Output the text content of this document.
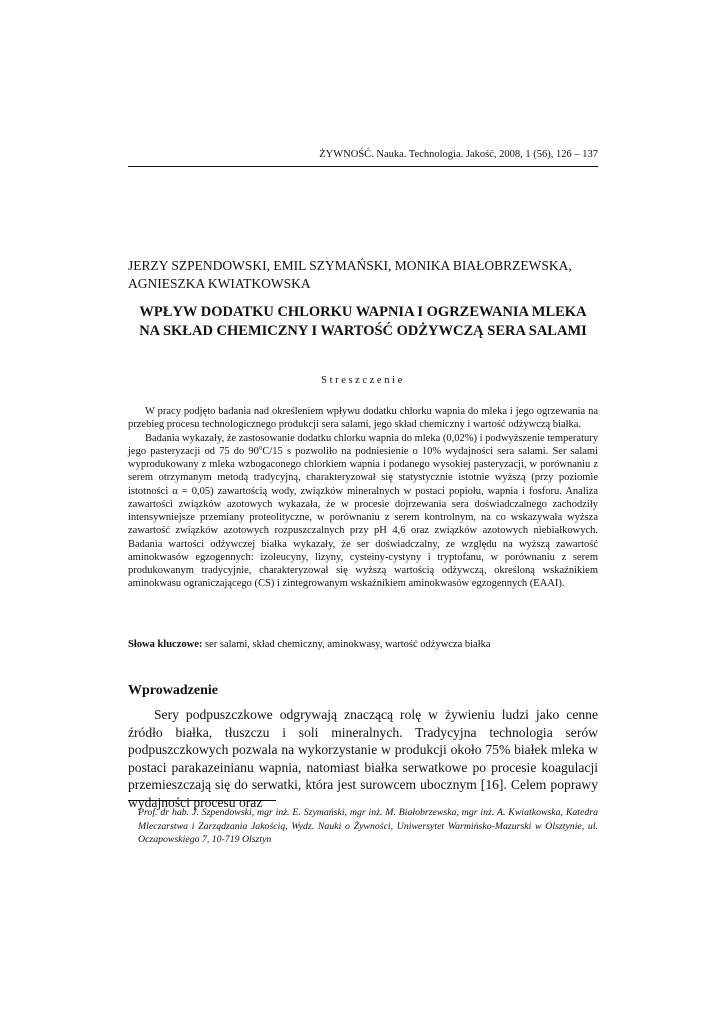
ŻYWNOŚĆ. Nauka. Technologia. Jakość, 2008, 1 (56), 126 – 137
JERZY SZPENDOWSKI, EMIL SZYMAŃSKI, MONIKA BIAŁOBRZEWSKA,
AGNIESZKA KWIATKOWSKA
WPŁYW DODATKU CHLORKU WAPNIA I OGRZEWANIA MLEKA
NA SKŁAD CHEMICZNY I WARTOŚĆ ODŻYWCZĄ SERA SALAMI
Streszczenie

W pracy podjęto badania nad określeniem wpływu dodatku chlorku wapnia do mleka i jego ogrzewania na przebieg procesu technologicznego produkcji sera salami, jego skład chemiczny i wartość odżywczą białka.

Badania wykazały, że zastosowanie dodatku chlorku wapnia do mleka (0,02%) i podwyższenie temperatury jego pasteryzacji od 75 do 90$^o$C/15 s pozwoliło na podniesienie o 10% wydajności sera salami. Ser salami wyprodukowany z mleka wzbogaconego chlorkiem wapnia i podanego wysokiej pasteryzacji, w porównaniu z serem otrzymanym metodą tradycyjną, charakteryzował się statystycznie istotnie wyższą (przy poziomie istotności α = 0,05) zawartością wody, związków mineralnych w postaci popiołu, wapnia i fosforu. Analiza zawartości związków azotowych wykazała, że w procesie dojrzewania sera doświadczalnego zachodziły intensywniejsze przemiany proteolityczne, w porównaniu z serem kontrolnym, na co wskazywała wyższa zawartość związków azotowych rozpuszczalnych przy pH 4,6 oraz związków azotowych niebiałkowych. Badania wartości odżywczej białka wykazały, że ser doświadczalny, ze względu na wyższą zawartość aminokwasów egzogennych: izoleucyny, lizyny, cysteiny-cystyny i tryptofanu, w porównaniu z serem produkowanym tradycyjnie, charakteryzował się wyższą wartością odżywczą, określoną wskaźnikiem aminokwasu ograniczającego (CS) i zintegrowanym wskaźnikiem aminokwasów egzogennych (EAAI).

Słowa kluczowe: ser salami, skład chemiczny, aminokwasy, wartość odżywcza białka
Wprowadzenie

Sery podpuszczkowe odgrywają znaczącą rolę w żywieniu ludzi jako cenne źródło białka, tłuszczu i soli mineralnych. Tradycyjna technologia serów podpuszczkowych pozwala na wykorzystanie w produkcji około 75% białek mleka w postaci parakazeinianu wapnia, natomiast białka serwatkowe po procesie koagulacji przemieszczają się do serwatki, która jest surowcem ubocznym [16]. Celem poprawy wydajności procesu oraz

Prof. dr hab. J. Szpendowski, mgr inż. E. Szymański, mgr inż. M. Białobrzewska, mgr inż. A. Kwiatkowska, Katedra Mleczarstwa i Zarządzania Jakością, Wydz. Nauki o Żywności, Uniwersytet Warmińsko-Mazurski w Olsztynie, ul. Oczapowskiego 7, 10-719 Olsztyn
